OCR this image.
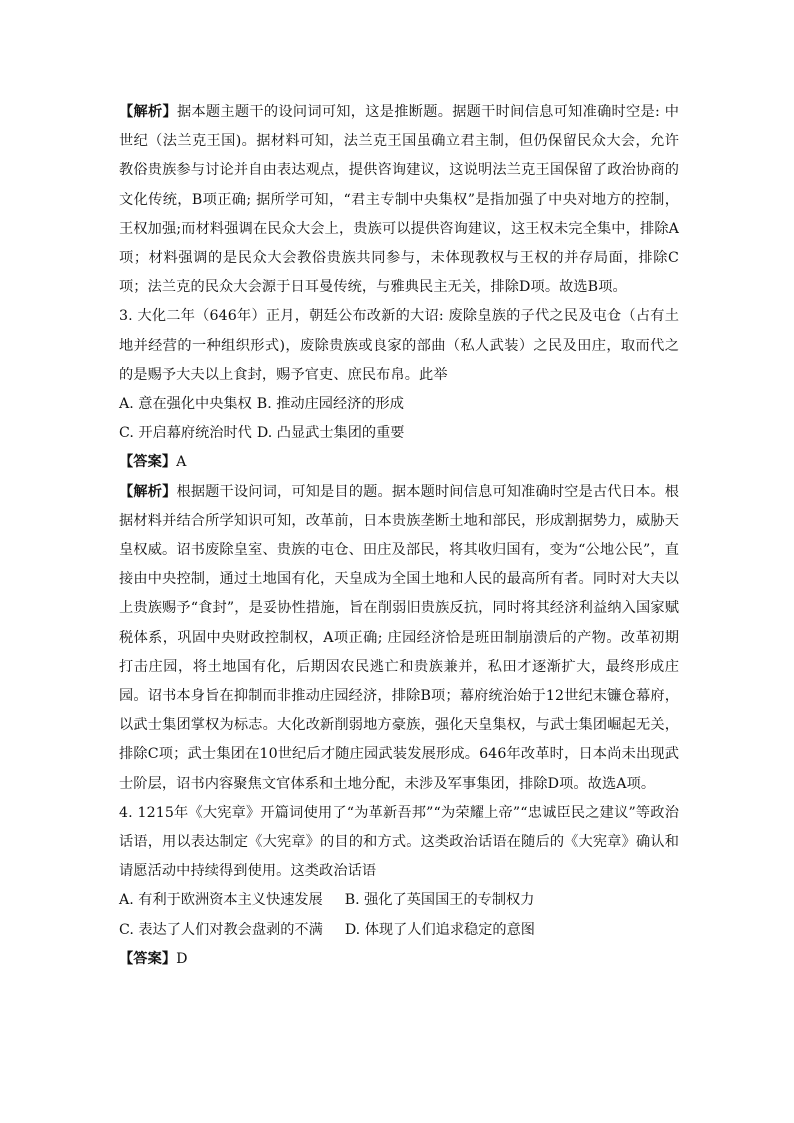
【解析】据本题主题干的设问词可知，这是推断题。据题干时间信息可知准确时空是: 中世纪（法兰克王国)。据材料可知，法兰克王国虽确立君主制，但仍保留民众大会，允许教俗贵族参与讨论并自由表达观点，提供咨询建议，这说明法兰克王国保留了政治协商的文化传统，B项正确; 据所学可知，“君主专制中央集权”是指加强了中央对地方的控制，王权加强;而材料强调在民众大会上，贵族可以提供咨询建议，这王权未完全集中，排除A项；材料强调的是民众大会教俗贵族共同参与，未体现教权与王权的并存局面，排除C项；法兰克的民众大会源于日耳曼传统，与雅典民主无关，排除D项。故选B项。

3. 大化二年（646年）正月，朝廷公布改新的大诏: 废除皇族的子代之民及屯仓（占有土地并经营的一种组织形式)，废除贵族或良家的部曲（私人武装）之民及田庄，取而代之的是赐予大夫以上食封，赐予官吏、庶民布帛。此举

A. 意在强化中央集权 B. 推动庄园经济的形成
C. 开启幕府统治时代 D. 凸显武士集团的重要

【答案】A

【解析】根据题干设问词，可知是目的题。据本题时间信息可知准确时空是古代日本。根据材料并结合所学知识可知，改革前，日本贵族垄断土地和部民，形成割据势力，威胁天皇权威。诏书废除皇室、贵族的屯仓、田庄及部民，将其收归国有，变为“公地公民”，直接由中央控制，通过土地国有化，天皇成为全国土地和人民的最高所有者。同时对大夫以上贵族赐予“食封”，是妥协性措施，旨在削弱旧贵族反抗，同时将其经济利益纳入国家赋税体系，巩固中央财政控制权，A项正确; 庄园经济恰是班田制崩溃后的产物。改革初期打击庄园，将土地国有化，后期因农民逃亡和贵族兼并，私田才逐渐扩大，最终形成庄园。诏书本身旨在抑制而非推动庄园经济，排除B项；幕府统治始于12世纪末镰仓幕府，以武士集团掌权为标志。大化改新削弱地方豪族，强化天皇集权，与武士集团崛起无关，排除C项；武士集团在10世纪后才随庄园武装发展形成。646年改革时，日本尚未出现武士阶层，诏书内容聚焦文官体系和土地分配，未涉及军事集团，排除D项。故选A项。

4. 1215年《大宪章》开篇词使用了“为革新吾邦”“为荣耀上帝”“忠诚臣民之建议”等政治话语，用以表达制定《大宪章》的目的和方式。这类政治话语在随后的《大宪章》确认和请愿活动中持续得到使用。这类政治话语

A. 有利于欧洲资本主义快速发展 B. 强化了英国国王的专制权力
C. 表达了人们对教会盘剥的不满 D. 体现了人们追求稳定的意图

【答案】D
